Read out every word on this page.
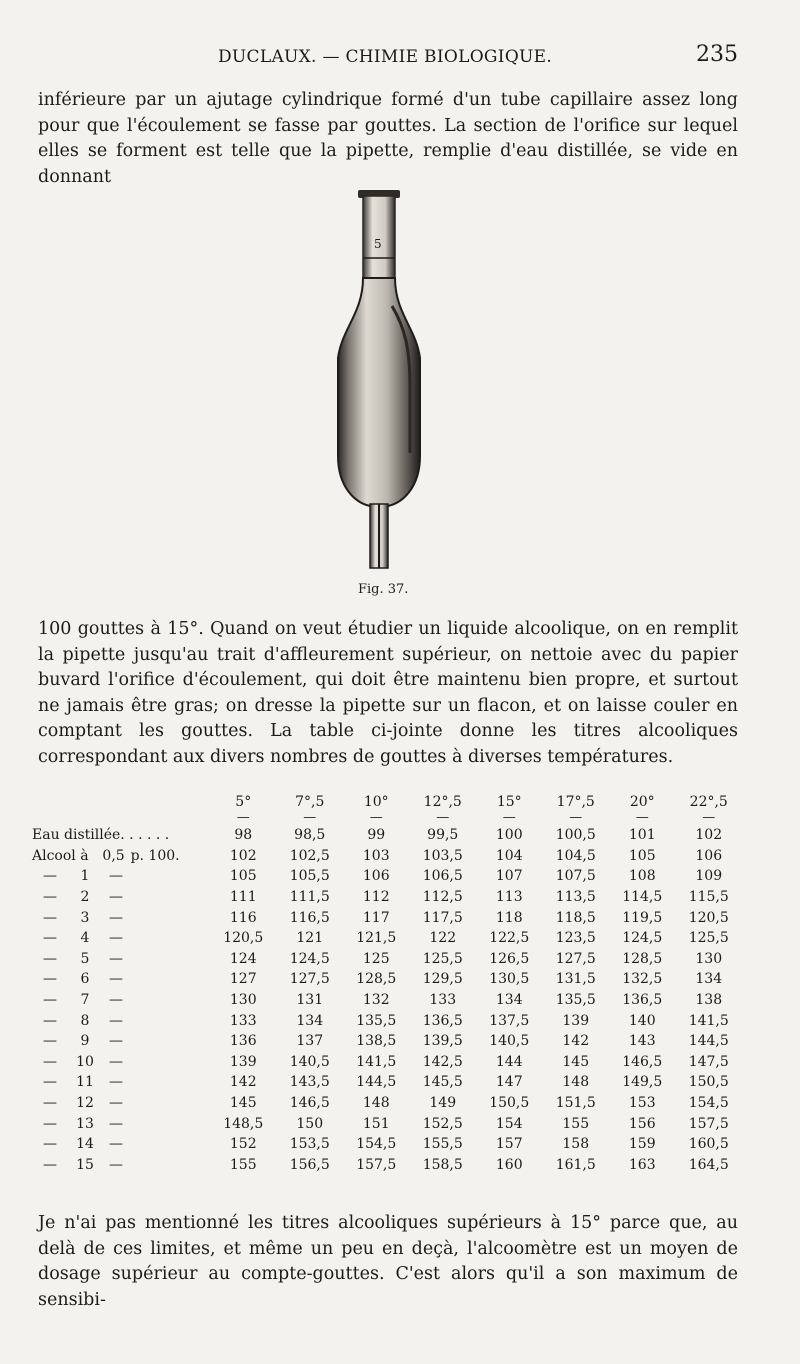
DUCLAUX. — CHIMIE BIOLOGIQUE.	235

inférieure par un ajutage cylindrique formé d'un tube capillaire assez long pour que l'écoulement se fasse par gouttes. La section de l'orifice sur lequel elles se forment est telle que la pipette, remplie d'eau distillée, se vide en donnant

5
Fig. 37.

100 gouttes à 15°. Quand on veut étudier un liquide alcoolique, on en remplit la pipette jusqu'au trait d'affleurement supérieur, on nettoie avec du papier buvard l'orifice d'écoulement, qui doit être maintenu bien propre, et surtout ne jamais être gras; on dresse la pipette sur un flacon, et on laisse couler en comptant les gouttes. La table ci-jointe donne les titres alcooliques correspondant aux divers nombres de gouttes à diverses températures.

	5°	7°,5	10°	12°,5	15°	17°,5	20°	22°,5
	—	—	—	—	—	—	—	—
Eau distillée. . . . . .	98	98,5	99	99,5	100	100,5	101	102
Alcool à 0,5 p. 100.	102	102,5	103	103,5	104	104,5	105	106
— 1 —	105	105,5	106	106,5	107	107,5	108	109
— 2 —	111	111,5	112	112,5	113	113,5	114,5	115,5
— 3 —	116	116,5	117	117,5	118	118,5	119,5	120,5
— 4 —	120,5	121	121,5	122	122,5	123,5	124,5	125,5
— 5 —	124	124,5	125	125,5	126,5	127,5	128,5	130
— 6 —	127	127,5	128,5	129,5	130,5	131,5	132,5	134
— 7 —	130	131	132	133	134	135,5	136,5	138
— 8 —	133	134	135,5	136,5	137,5	139	140	141,5
— 9 —	136	137	138,5	139,5	140,5	142	143	144,5
— 10 —	139	140,5	141,5	142,5	144	145	146,5	147,5
— 11 —	142	143,5	144,5	145,5	147	148	149,5	150,5
— 12 —	145	146,5	148	149	150,5	151,5	153	154,5
— 13 —	148,5	150	151	152,5	154	155	156	157,5
— 14 —	152	153,5	154,5	155,5	157	158	159	160,5
— 15 —	155	156,5	157,5	158,5	160	161,5	163	164,5

Je n'ai pas mentionné les titres alcooliques supérieurs à 15° parce que, au delà de ces limites, et même un peu en deçà, l'alcoomètre est un moyen de dosage supérieur au compte-gouttes. C'est alors qu'il a son maximum de sensibi-
